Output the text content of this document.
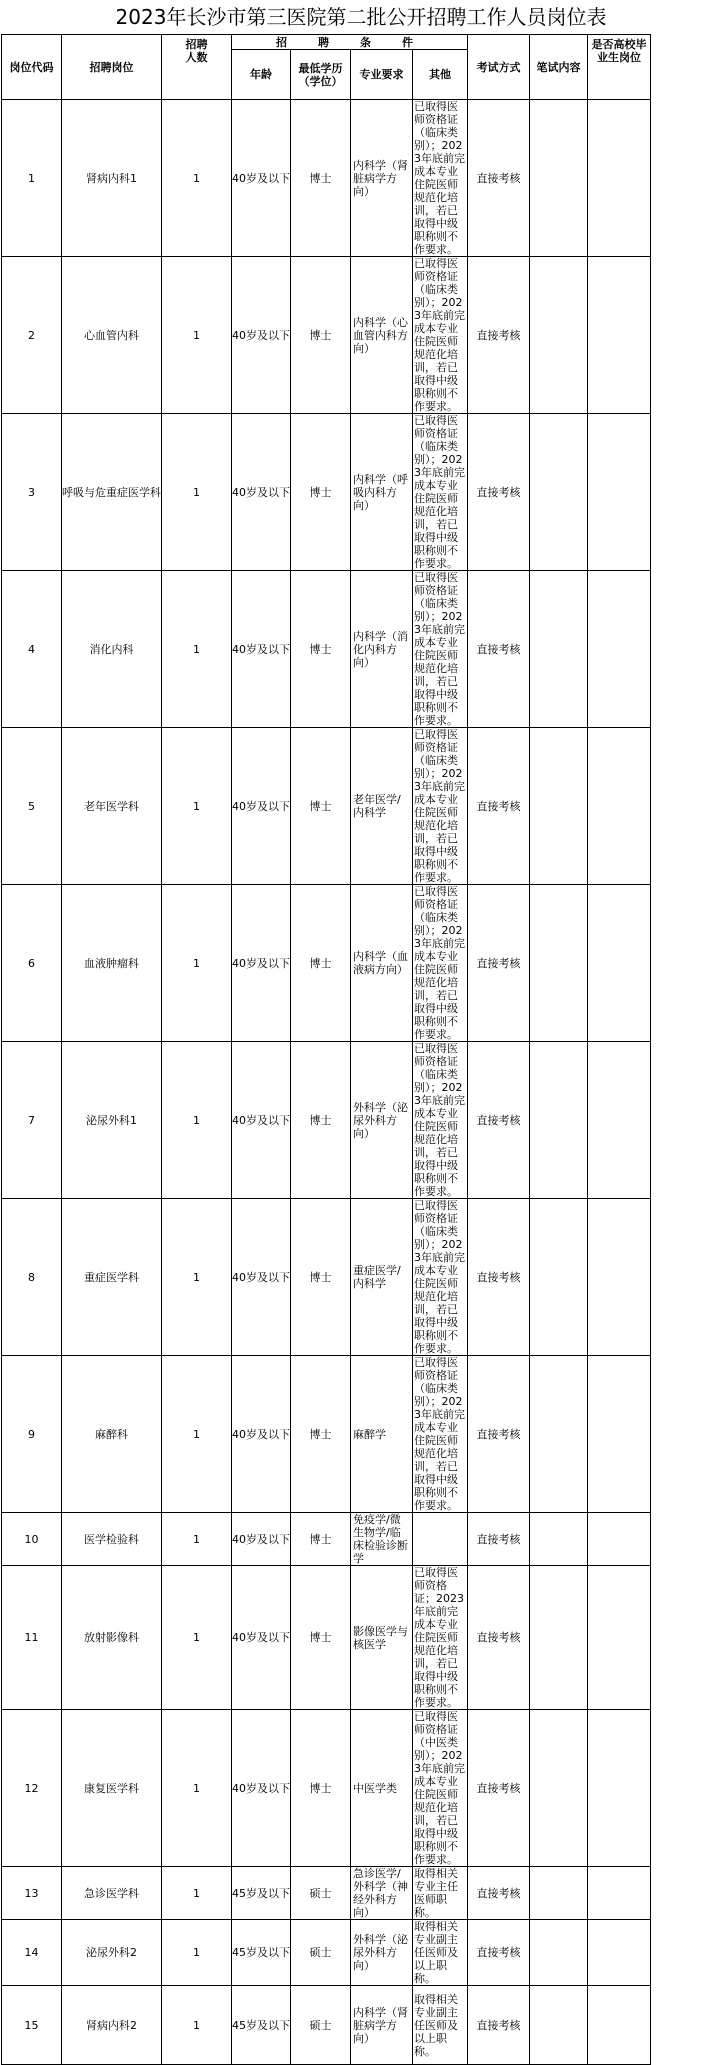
2023年长沙市第三医院第二批公开招聘工作人员岗位表
岗位代码	招聘岗位	招聘人数	招　聘　条　件				考试方式	笔试内容	是否高校毕业生岗位
			年龄	最低学历（学位）	专业要求	其他			
1	肾病内科1	1	40岁及以下	博士	内科学（肾脏病学方向）	已取得医师资格证（临床类别）；2023年底前完成本专业住院医师规范化培训，若已取得中级职称则不作要求。	直接考核		
2	心血管内科	1	40岁及以下	博士	内科学（心血管内科方向）	已取得医师资格证（临床类别）；2023年底前完成本专业住院医师规范化培训，若已取得中级职称则不作要求。	直接考核		
3	呼吸与危重症医学科	1	40岁及以下	博士	内科学（呼吸内科方向）	已取得医师资格证（临床类别）；2023年底前完成本专业住院医师规范化培训，若已取得中级职称则不作要求。	直接考核		
4	消化内科	1	40岁及以下	博士	内科学（消化内科方向）	已取得医师资格证（临床类别）；2023年底前完成本专业住院医师规范化培训，若已取得中级职称则不作要求。	直接考核		
5	老年医学科	1	40岁及以下	博士	老年医学/内科学	已取得医师资格证（临床类别）；2023年底前完成本专业住院医师规范化培训，若已取得中级职称则不作要求。	直接考核		
6	血液肿瘤科	1	40岁及以下	博士	内科学（血液病方向）	已取得医师资格证（临床类别）；2023年底前完成本专业住院医师规范化培训，若已取得中级职称则不作要求。	直接考核		
7	泌尿外科1	1	40岁及以下	博士	外科学（泌尿外科方向）	已取得医师资格证（临床类别）；2023年底前完成本专业住院医师规范化培训，若已取得中级职称则不作要求。	直接考核		
8	重症医学科	1	40岁及以下	博士	重症医学/内科学	已取得医师资格证（临床类别）；2023年底前完成本专业住院医师规范化培训，若已取得中级职称则不作要求。	直接考核		
9	麻醉科	1	40岁及以下	博士	麻醉学	已取得医师资格证（临床类别）；2023年底前完成本专业住院医师规范化培训，若已取得中级职称则不作要求。	直接考核		
10	医学检验科	1	40岁及以下	博士	免疫学/微生物学/临床检验诊断学		直接考核		
11	放射影像科	1	40岁及以下	博士	影像医学与核医学	已取得医师资格证；2023年底前完成本专业住院医师规范化培训，若已取得中级职称则不作要求。	直接考核		
12	康复医学科	1	40岁及以下	博士	中医学类	已取得医师资格证（中医类别）；2023年底前完成本专业住院医师规范化培训，若已取得中级职称则不作要求。	直接考核		
13	急诊医学科	1	45岁及以下	硕士	急诊医学/外科学（神经外科方向）	取得相关专业主任医师职称。	直接考核		
14	泌尿外科2	1	45岁及以下	硕士	外科学（泌尿外科方向）	取得相关专业副主任医师及以上职称。	直接考核		
15	肾病内科2	1	45岁及以下	硕士	内科学（肾脏病学方向）	取得相关专业副主任医师及以上职称。	直接考核		
